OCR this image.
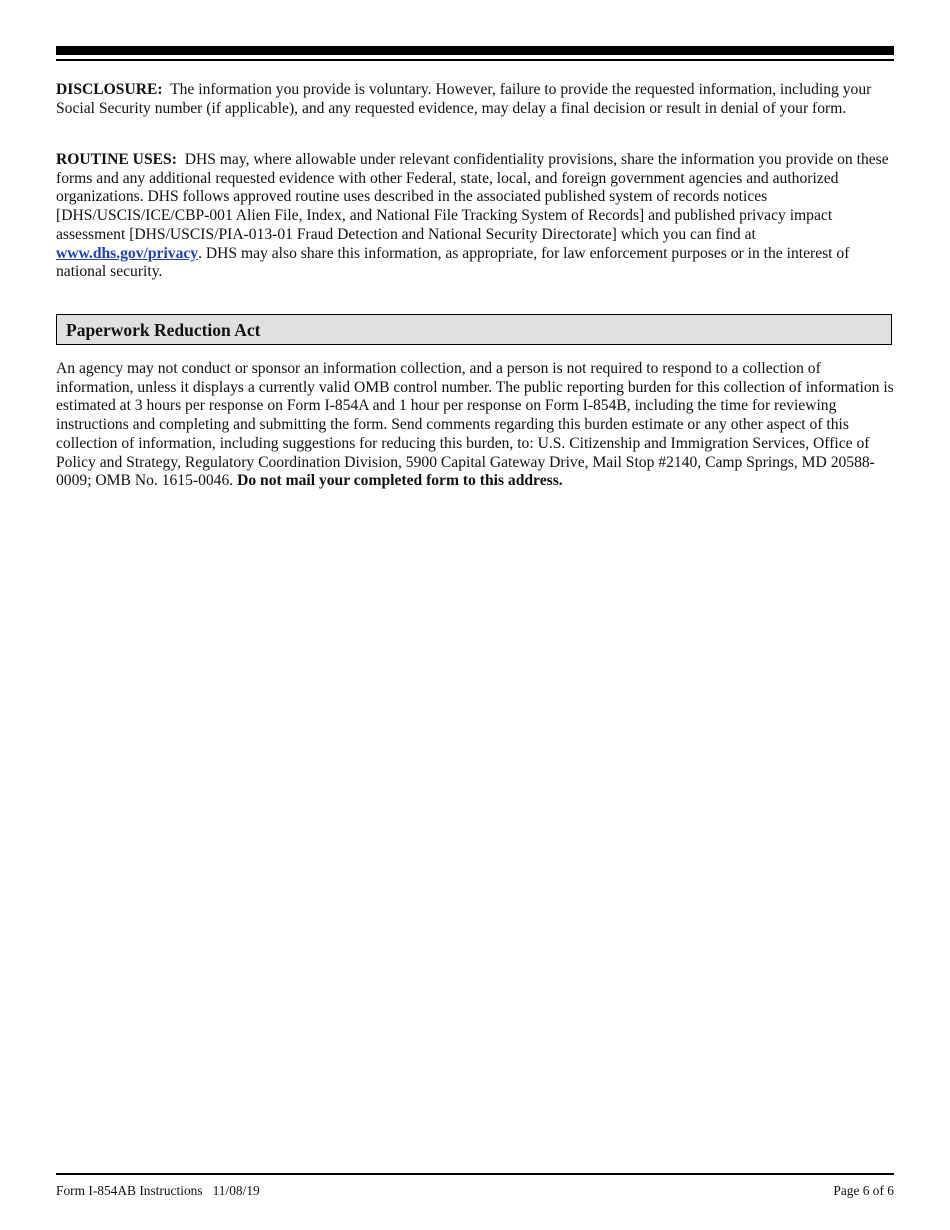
DISCLOSURE: The information you provide is voluntary. However, failure to provide the requested information, including your Social Security number (if applicable), and any requested evidence, may delay a final decision or result in denial of your form.

ROUTINE USES: DHS may, where allowable under relevant confidentiality provisions, share the information you provide on these forms and any additional requested evidence with other Federal, state, local, and foreign government agencies and authorized organizations. DHS follows approved routine uses described in the associated published system of records notices [DHS/USCIS/ICE/CBP-001 Alien File, Index, and National File Tracking System of Records] and published privacy impact assessment [DHS/USCIS/PIA-013-01 Fraud Detection and National Security Directorate] which you can find at www.dhs.gov/privacy. DHS may also share this information, as appropriate, for law enforcement purposes or in the interest of national security.

Paperwork Reduction Act

An agency may not conduct or sponsor an information collection, and a person is not required to respond to a collection of information, unless it displays a currently valid OMB control number. The public reporting burden for this collection of information is estimated at 3 hours per response on Form I-854A and 1 hour per response on Form I-854B, including the time for reviewing instructions and completing and submitting the form. Send comments regarding this burden estimate or any other aspect of this collection of information, including suggestions for reducing this burden, to: U.S. Citizenship and Immigration Services, Office of Policy and Strategy, Regulatory Coordination Division, 5900 Capital Gateway Drive, Mail Stop #2140, Camp Springs, MD 20588-0009; OMB No. 1615-0046. Do not mail your completed form to this address.

Form I-854AB Instructions   11/08/19	Page 6 of 6
